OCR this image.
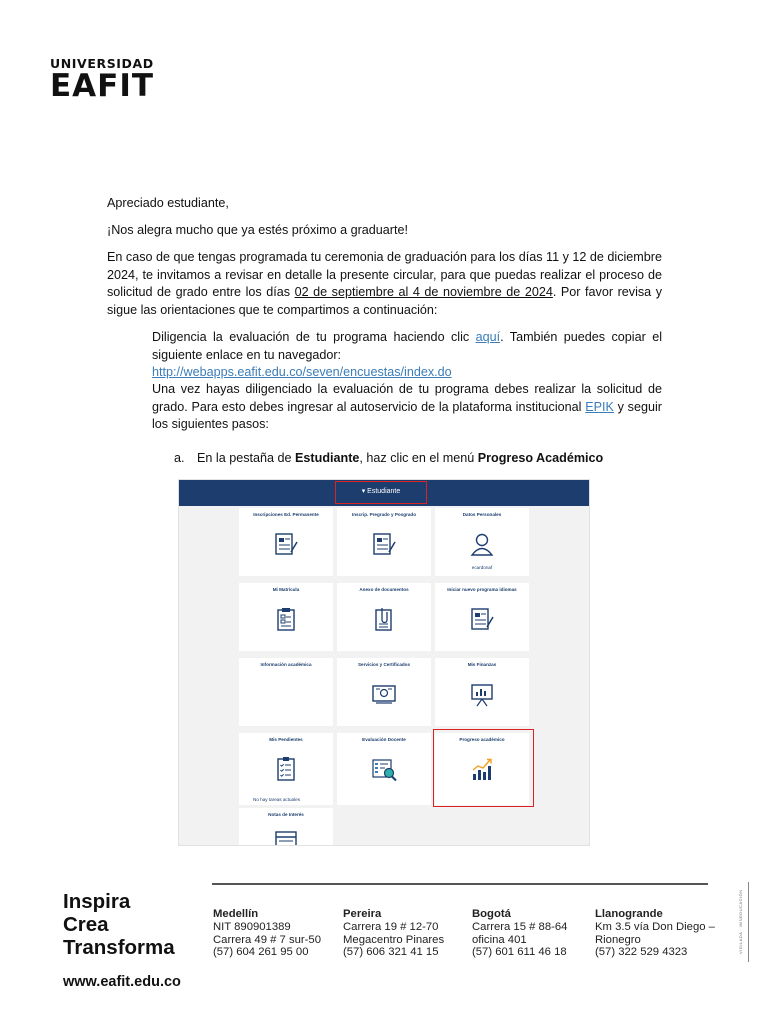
UNIVERSIDAD
EAFIT
Apreciado estudiante,
¡Nos alegra mucho que ya estés próximo a graduarte!
En caso de que tengas programada tu ceremonia de graduación para los días 11 y 12 de diciembre 2024, te invitamos a revisar en detalle la presente circular, para que puedas realizar el proceso de solicitud de grado entre los días 02 de septiembre al 4 de noviembre de 2024. Por favor revisa y sigue las orientaciones que te compartimos a continuación:
Diligencia la evaluación de tu programa haciendo clic aquí. También puedes copiar el siguiente enlace en tu navegador:
http://webapps.eafit.edu.co/seven/encuestas/index.do
Una vez hayas diligenciado la evaluación de tu programa debes realizar la solicitud de grado. Para esto debes ingresar al autoservicio de la plataforma institucional EPIK y seguir los siguientes pasos:
a. En la pestaña de Estudiante, haz clic en el menú Progreso Académico
▾ Estudiante
Inscripciones Ed. Permanente	Inscrip. Pregrado y Posgrado	Datos Personales
ecardonaf
Mi Matrícula	Anexo de documentos	Iniciar nuevo programa idiomas
Información académica	Servicios y Certificados	Mis Finanzas
Mis Pendientes
No hay tareas actuales
Evaluación Docente	Progreso académico
Notas de Interés
Inspira
Crea
Transforma
www.eafit.edu.co
Medellín
NIT 890901389
Carrera 49 # 7 sur-50
(57) 604 261 95 00
Pereira
Carrera 19 # 12-70
Megacentro Pinares
(57) 606 321 41 15
Bogotá
Carrera 15 # 88-64
oficina 401
(57) 601 611 46 18
Llanogrande
Km 3.5 vía Don Diego –
Rionegro
(57) 322 529 4323	VIGILADA · MINEDUCACIÓN
